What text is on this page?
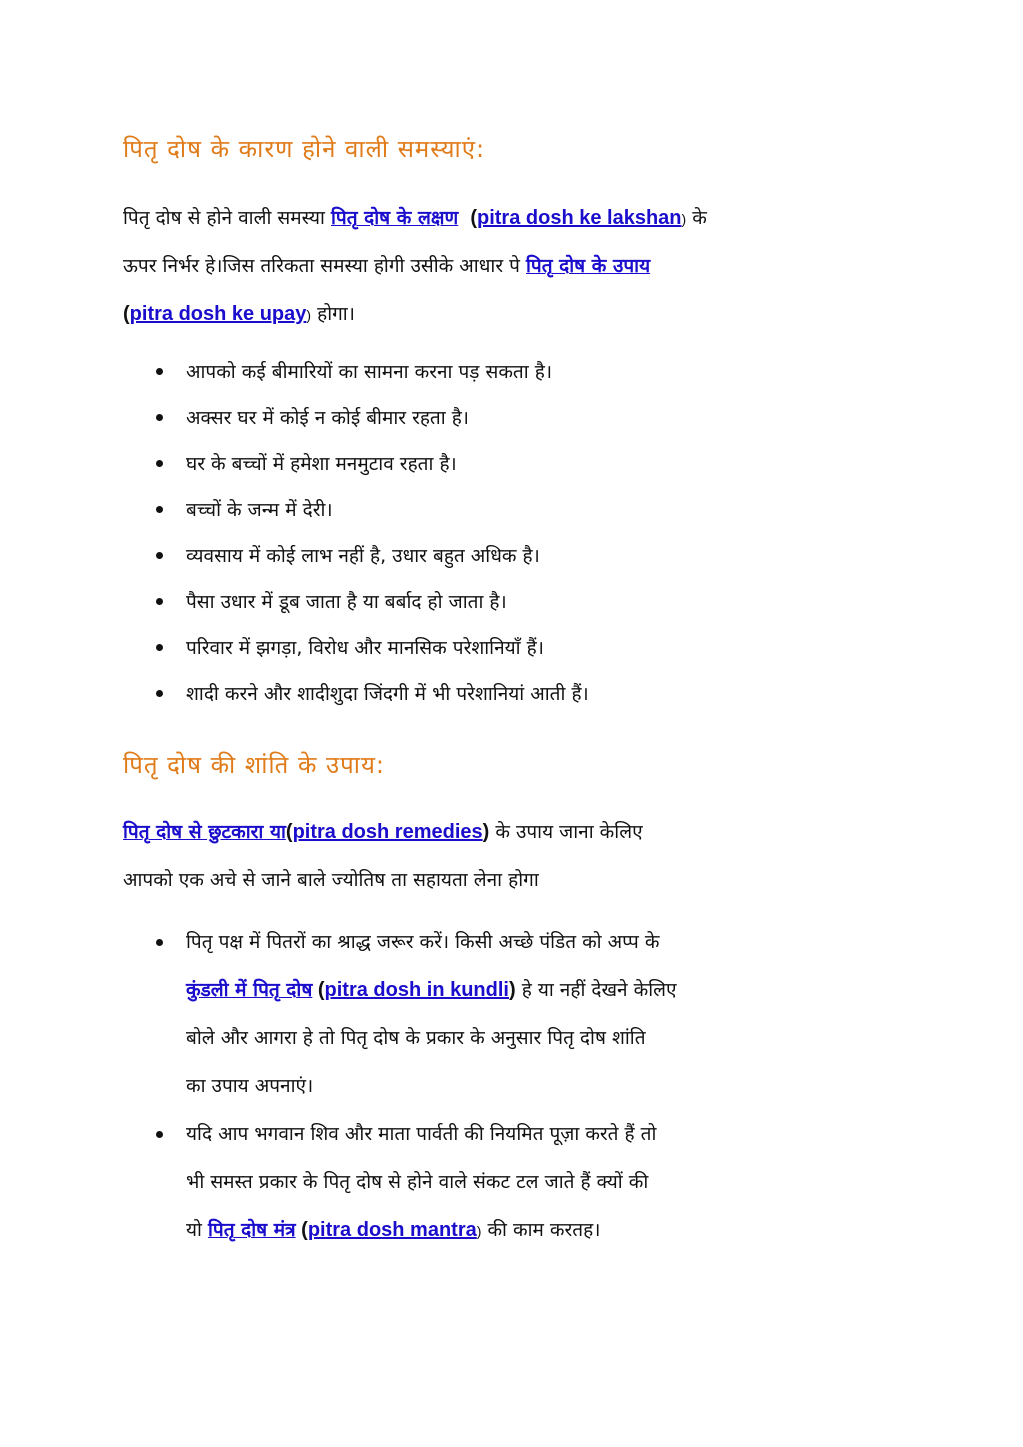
पितृ दोष के कारण होने वाली समस्याएं:
पितृ दोष से होने वाली समस्या पितृ दोष के लक्षण (pitra dosh ke lakshan) के
ऊपर निर्भर हे।जिस तरिकता समस्या होगी उसीके आधार पे पितृ दोष के उपाय
(pitra dosh ke upay) होगा।
आपको कई बीमारियों का सामना करना पड़ सकता है।
अक्सर घर में कोई न कोई बीमार रहता है।
घर के बच्चों में हमेशा मनमुटाव रहता है।
बच्चों के जन्म में देरी।
व्यवसाय में कोई लाभ नहीं है, उधार बहुत अधिक है।
पैसा उधार में डूब जाता है या बर्बाद हो जाता है।
परिवार में झगड़ा, विरोध और मानसिक परेशानियाँ हैं।
शादी करने और शादीशुदा जिंदगी में भी परेशानियां आती हैं।
पितृ दोष की शांति के उपाय:
पितृ दोष से छुटकारा या(pitra dosh remedies) के उपाय जाना केलिए
आपको एक अचे से जाने बाले ज्योतिष ता सहायता लेना होगा
पितृ पक्ष में पितरों का श्राद्ध जरूर करें। किसी अच्छे पंडित को अप्प के
कुंडली में पितृ दोष (pitra dosh in kundli) हे या नहीं देखने केलिए
बोले और आगरा हे तो पितृ दोष के प्रकार के अनुसार पितृ दोष शांति
का उपाय अपनाएं।
यदि आप भगवान शिव और माता पार्वती की नियमित पूज़ा करते हैं तो
भी समस्त प्रकार के पितृ दोष से होने वाले संकट टल जाते हैं क्यों की
यो पितृ दोष मंत्र (pitra dosh mantra) की काम करतह।
